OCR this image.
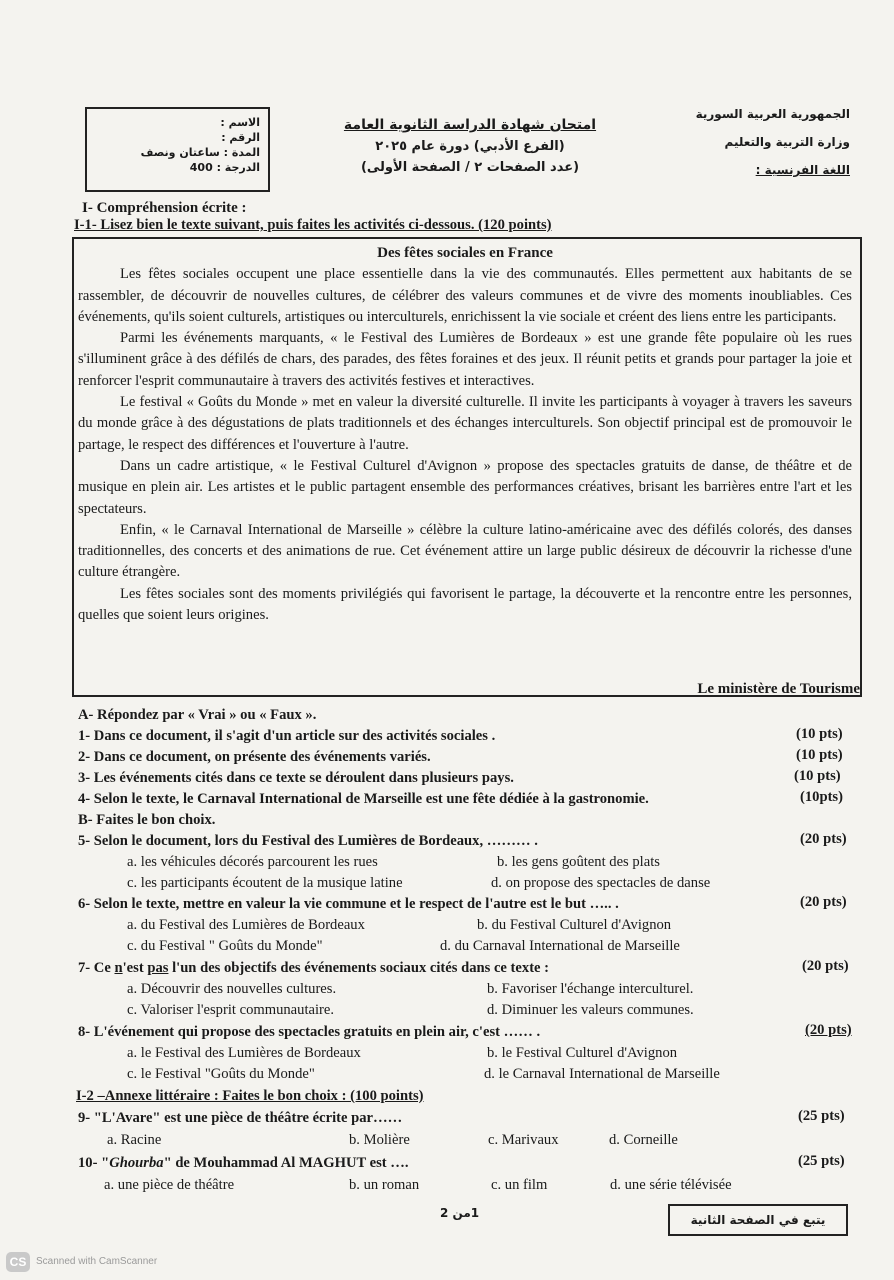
الاسم :
الرقم :
المدة : ساعتان ونصف
الدرجة : 400
امتحان شهادة الدراسة الثانوية العامة
(الفرع الأدبي) دورة عام ٢٠٢٥
(عدد الصفحات ٢ / الصفحة الأولى)
الجمهورية العربية السورية
وزارة التربية والتعليم
اللغة الفرنسية :
I- Compréhension écrite :
I-1- Lisez bien le texte suivant, puis faites les activités ci-dessous. (120 points)
Des fêtes sociales en France

Les fêtes sociales occupent une place essentielle dans la vie des communautés. Elles permettent aux habitants de se rassembler, de découvrir de nouvelles cultures, de célébrer des valeurs communes et de vivre des moments inoubliables. Ces événements, qu'ils soient culturels, artistiques ou interculturels, enrichissent la vie sociale et créent des liens entre les participants.

Parmi les événements marquants, « le Festival des Lumières de Bordeaux » est une grande fête populaire où les rues s'illuminent grâce à des défilés de chars, des parades, des fêtes foraines et des jeux. Il réunit petits et grands pour partager la joie et renforcer l'esprit communautaire à travers des activités festives et interactives.

Le festival « Goûts du Monde » met en valeur la diversité culturelle. Il invite les participants à voyager à travers les saveurs du monde grâce à des dégustations de plats traditionnels et des échanges interculturels. Son objectif principal est de promouvoir le partage, le respect des différences et l'ouverture à l'autre.

Dans un cadre artistique, « le Festival Culturel d'Avignon » propose des spectacles gratuits de danse, de théâtre et de musique en plein air. Les artistes et le public partagent ensemble des performances créatives, brisant les barrières entre l'art et les spectateurs.

Enfin, « le Carnaval International de Marseille » célèbre la culture latino-américaine avec des défilés colorés, des danses traditionnelles, des concerts et des animations de rue. Cet événement attire un large public désireux de découvrir la richesse d'une culture étrangère.

Les fêtes sociales sont des moments privilégiés qui favorisent le partage, la découverte et la rencontre entre les personnes, quelles que soient leurs origines.

Le ministère de Tourisme
A- Répondez par « Vrai » ou « Faux ».
1- Dans ce document, il s'agit d'un article sur des activités sociales .	(10 pts)
2- Dans ce document, on présente des événements variés.	(10 pts)
3- Les événements cités dans ce texte se déroulent dans plusieurs pays.	(10 pts)
4- Selon le texte, le Carnaval International de Marseille est une fête dédiée à la gastronomie.	(10pts)
B- Faites le bon choix.
5- Selon le document, lors du Festival des Lumières de Bordeaux, ……… .	(20 pts)
a. les véhicules décorés parcourent les rues	b. les gens goûtent des plats
c. les participants écoutent de la musique latine	d. on propose des spectacles de danse
6- Selon le texte, mettre en valeur la vie commune et le respect de l'autre est le but ….. .	(20 pts)
a. du Festival des Lumières de Bordeaux	b. du Festival Culturel d'Avignon
c. du Festival " Goûts du Monde"	d. du Carnaval International de Marseille
7- Ce n'est pas l'un des objectifs des événements sociaux cités dans ce texte :	(20 pts)
a. Découvrir des nouvelles cultures.	b. Favoriser l'échange interculturel.
c. Valoriser l'esprit communautaire.	d. Diminuer les valeurs communes.
8- L'événement qui propose des spectacles gratuits en plein air, c'est …… .	(20 pts)
a. le Festival des Lumières de Bordeaux	b. le Festival Culturel d'Avignon
c. le Festival "Goûts du Monde"	d. le Carnaval International de Marseille
I-2 –Annexe littéraire : Faites le bon choix : (100 points)
9- "L'Avare" est une pièce de théâtre écrite par……	(25 pts)
a. Racine	b. Molière	c. Marivaux	d. Corneille
10- "Ghourba" de Mouhammad Al MAGHUT est ….	(25 pts)
a. une pièce de théâtre	b. un roman	c. un film	d. une série télévisée
1من 2	يتبع في الصفحة الثانية
CS Scanned with CamScanner
